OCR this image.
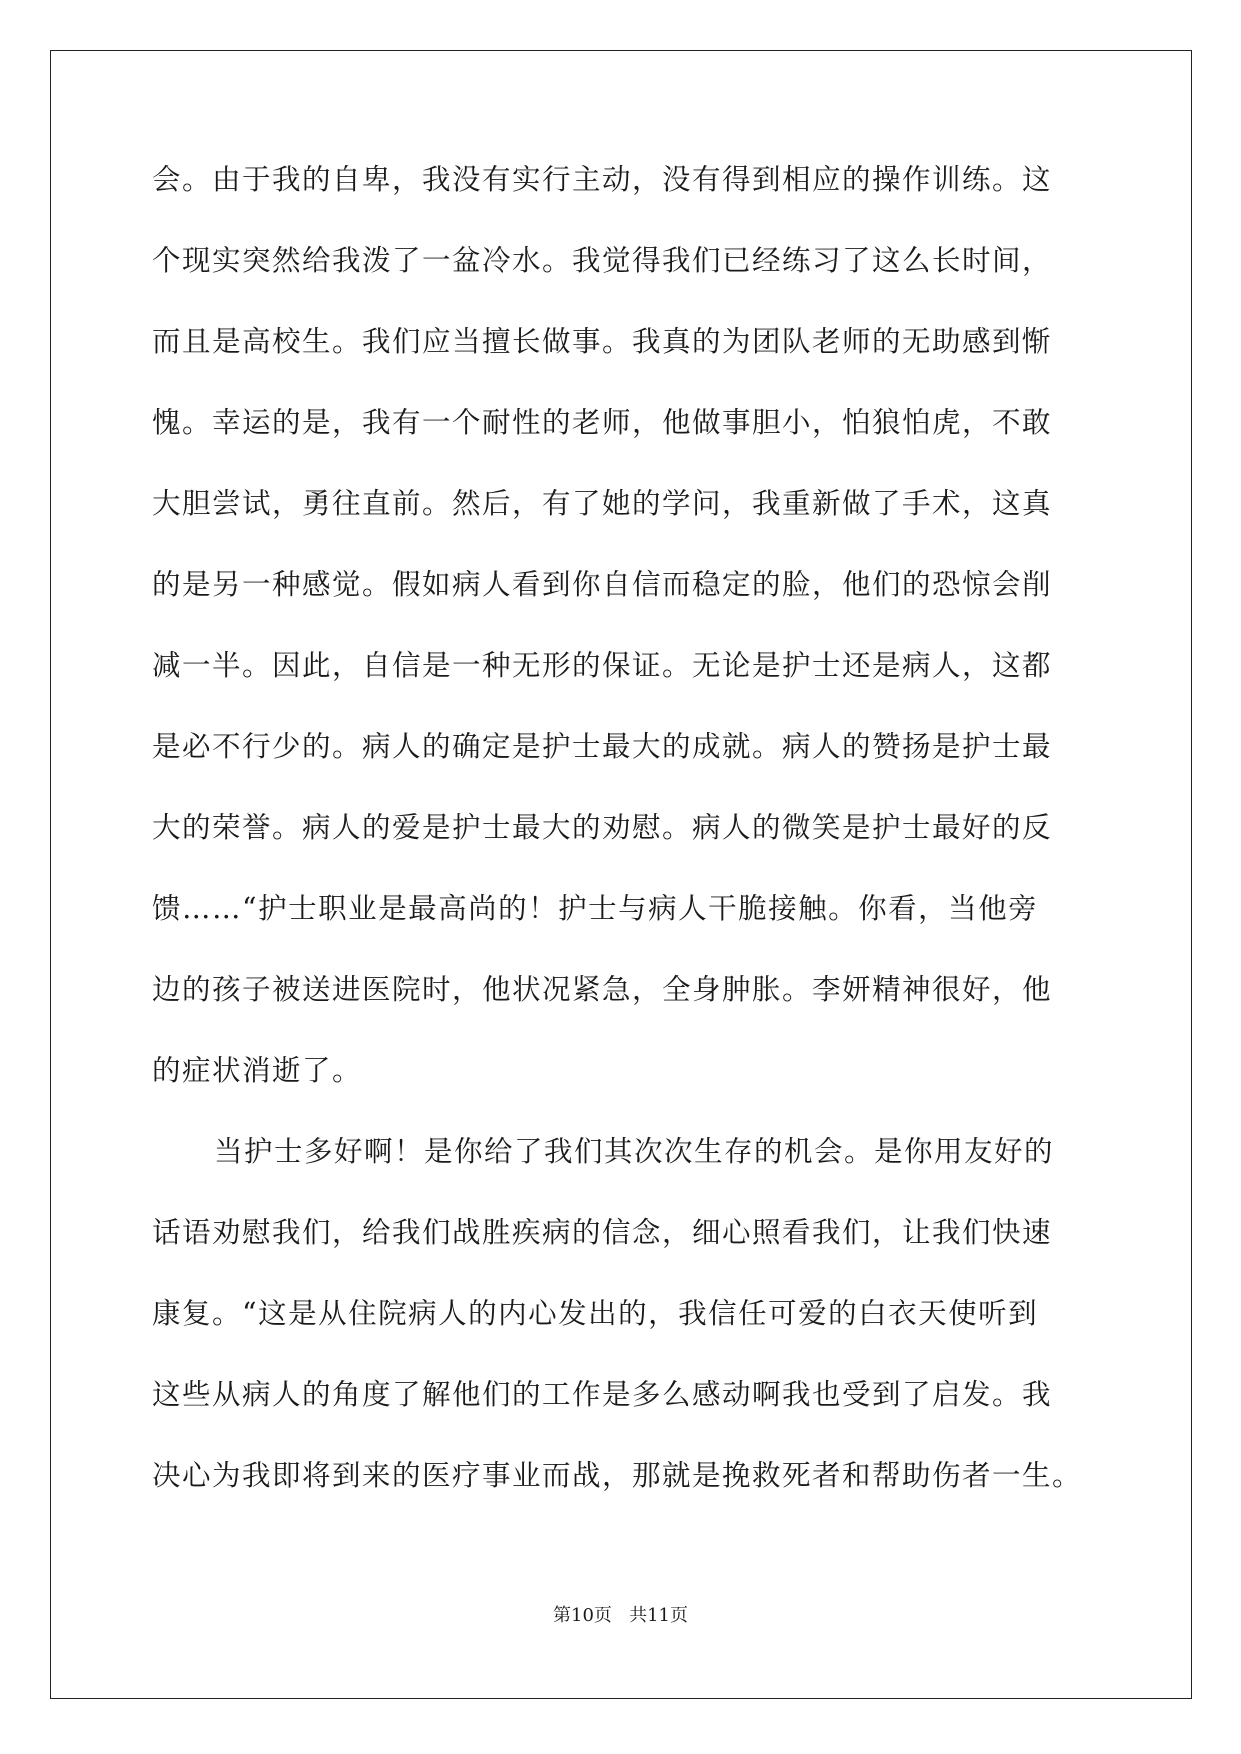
会。由于我的自卑，我没有实行主动，没有得到相应的操作训练。这
个现实突然给我泼了一盆冷水。我觉得我们已经练习了这么长时间，
而且是高校生。我们应当擅长做事。我真的为团队老师的无助感到惭
愧。幸运的是，我有一个耐性的老师，他做事胆小，怕狼怕虎，不敢
大胆尝试，勇往直前。然后，有了她的学问，我重新做了手术，这真
的是另一种感觉。假如病人看到你自信而稳定的脸，他们的恐惊会削
减一半。因此，自信是一种无形的保证。无论是护士还是病人，这都
是必不行少的。病人的确定是护士最大的成就。病人的赞扬是护士最
大的荣誉。病人的爱是护士最大的劝慰。病人的微笑是护士最好的反
馈……“护士职业是最高尚的！护士与病人干脆接触。你看，当他旁
边的孩子被送进医院时，他状况紧急，全身肿胀。李妍精神很好，他
的症状消逝了。
当护士多好啊！是你给了我们其次次生存的机会。是你用友好的
话语劝慰我们，给我们战胜疾病的信念，细心照看我们，让我们快速
康复。“这是从住院病人的内心发出的，我信任可爱的白衣天使听到
这些从病人的角度了解他们的工作是多么感动啊我也受到了启发。我
决心为我即将到来的医疗事业而战，那就是挽救死者和帮助伤者一生。
第10页   共11页
